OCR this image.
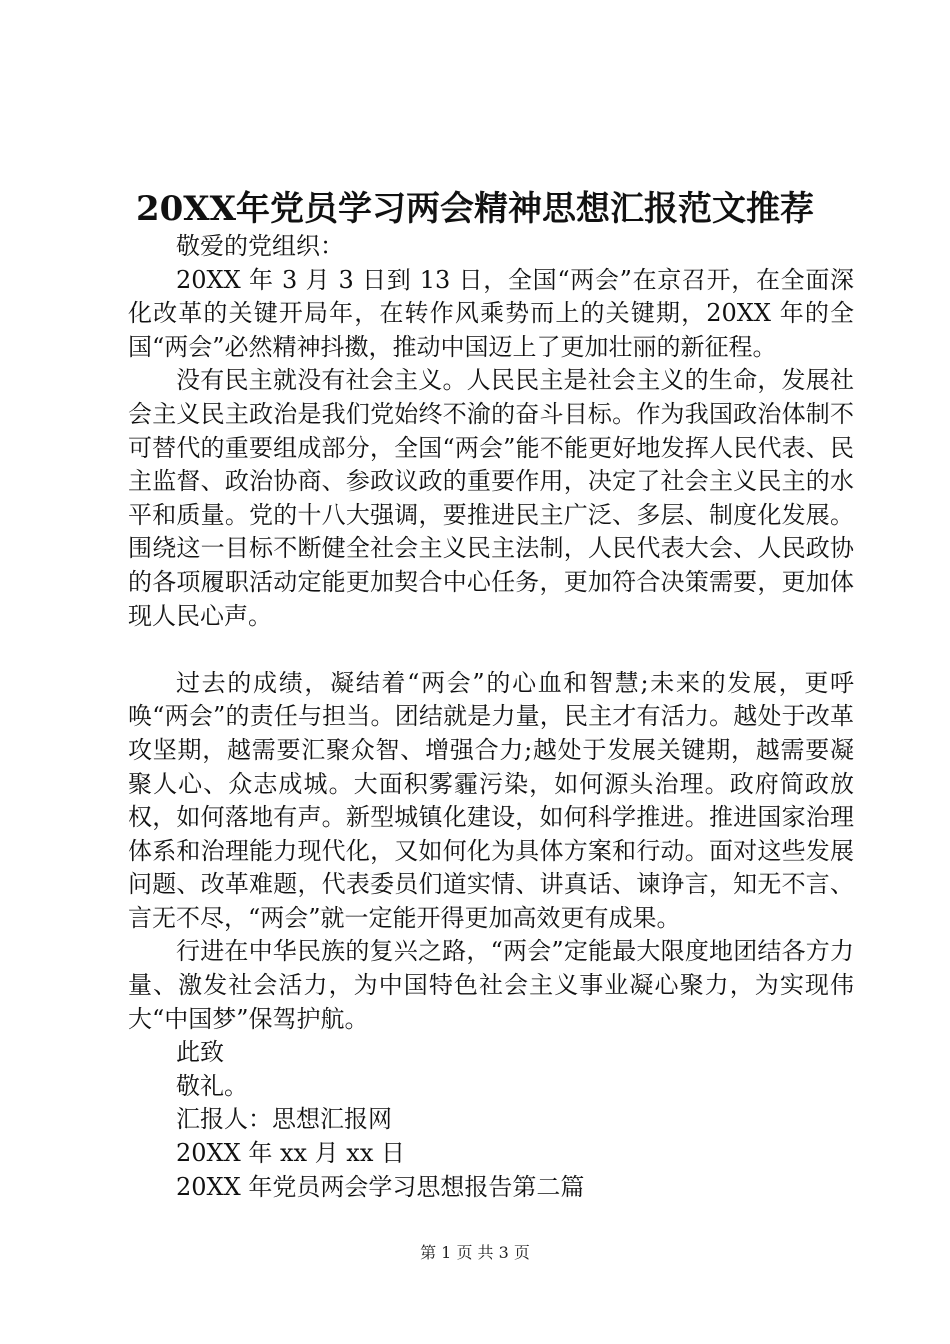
20XX年党员学习两会精神思想汇报范文推荐

敬爱的党组织：

20XX 年 3 月 3 日到 13 日，全国“两会”在京召开，在全面深化改革的关键开局年，在转作风乘势而上的关键期，20XX 年的全国“两会”必然精神抖擞，推动中国迈上了更加壮丽的新征程。

没有民主就没有社会主义。人民民主是社会主义的生命，发展社会主义民主政治是我们党始终不渝的奋斗目标。作为我国政治体制不可替代的重要组成部分，全国“两会”能不能更好地发挥人民代表、民主监督、政治协商、参政议政的重要作用，决定了社会主义民主的水平和质量。党的十八大强调，要推进民主广泛、多层、制度化发展。围绕这一目标不断健全社会主义民主法制，人民代表大会、人民政协的各项履职活动定能更加契合中心任务，更加符合决策需要，更加体现人民心声。

过去的成绩，凝结着“两会”的心血和智慧;未来的发展，更呼唤“两会”的责任与担当。团结就是力量，民主才有活力。越处于改革攻坚期，越需要汇聚众智、增强合力;越处于发展关键期，越需要凝聚人心、众志成城。大面积雾霾污染，如何源头治理。政府简政放权，如何落地有声。新型城镇化建设，如何科学推进。推进国家治理体系和治理能力现代化，又如何化为具体方案和行动。面对这些发展问题、改革难题，代表委员们道实情、讲真话、谏诤言，知无不言、言无不尽，“两会”就一定能开得更加高效更有成果。

行进在中华民族的复兴之路，“两会”定能最大限度地团结各方力量、激发社会活力，为中国特色社会主义事业凝心聚力，为实现伟大“中国梦”保驾护航。

此致

敬礼。

汇报人：思想汇报网

20XX 年 xx 月 xx 日

20XX 年党员两会学习思想报告第二篇

第 1 页 共 3 页
